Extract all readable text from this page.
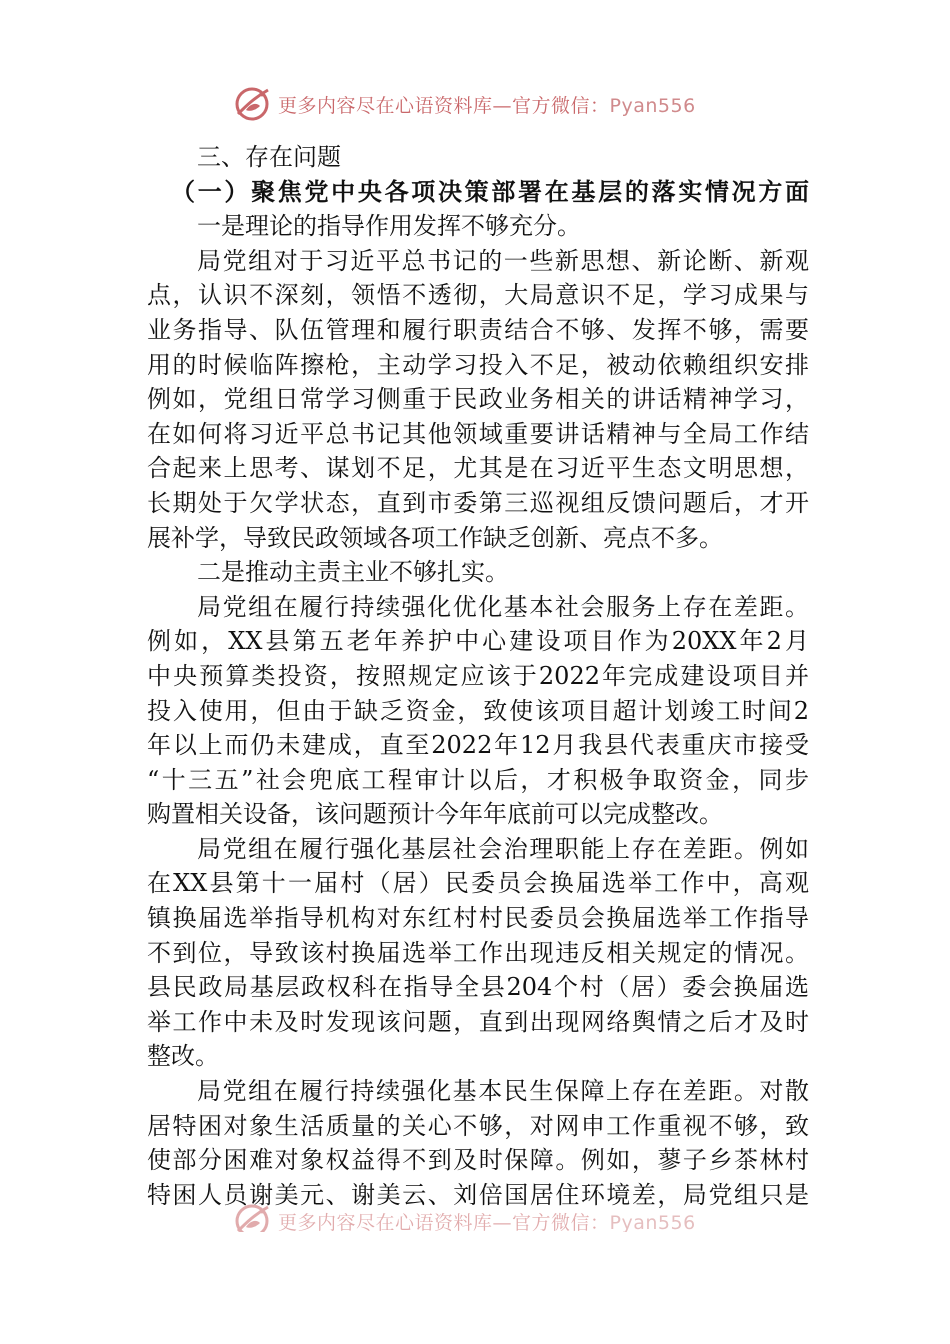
更多内容尽在心语资料库—官方微信：Pyan556
三、存在问题
（一）聚焦党中央各项决策部署在基层的落实情况方面
一是理论的指导作用发挥不够充分。
局党组对于习近平总书记的一些新思想、新论断、新观
点，认识不深刻，领悟不透彻，大局意识不足，学习成果与
业务指导、队伍管理和履行职责结合不够、发挥不够，需要
用的时候临阵擦枪，主动学习投入不足，被动依赖组织安排
例如，党组日常学习侧重于民政业务相关的讲话精神学习，
在如何将习近平总书记其他领域重要讲话精神与全局工作结
合起来上思考、谋划不足，尤其是在习近平生态文明思想，
长期处于欠学状态，直到市委第三巡视组反馈问题后，才开
展补学，导致民政领域各项工作缺乏创新、亮点不多。
二是推动主责主业不够扎实。
局党组在履行持续强化优化基本社会服务上存在差距。
例如，XX县第五老年养护中心建设项目作为20XX年2月
中央预算类投资，按照规定应该于2022年完成建设项目并
投入使用，但由于缺乏资金，致使该项目超计划竣工时间2
年以上而仍未建成，直至2022年12月我县代表重庆市接受
“十三五”社会兜底工程审计以后，才积极争取资金，同步
购置相关设备，该问题预计今年年底前可以完成整改。
局党组在履行强化基层社会治理职能上存在差距。例如
在XX县第十一届村（居）民委员会换届选举工作中，高观
镇换届选举指导机构对东红村村民委员会换届选举工作指导
不到位，导致该村换届选举工作出现违反相关规定的情况。
县民政局基层政权科在指导全县204个村（居）委会换届选
举工作中未及时发现该问题，直到出现网络舆情之后才及时
整改。
局党组在履行持续强化基本民生保障上存在差距。对散
居特困对象生活质量的关心不够，对网申工作重视不够，致
使部分困难对象权益得不到及时保障。例如，蓼子乡茶林村
特困人员谢美元、谢美云、刘倍国居住环境差，局党组只是
更多内容尽在心语资料库—官方微信：Pyan556
